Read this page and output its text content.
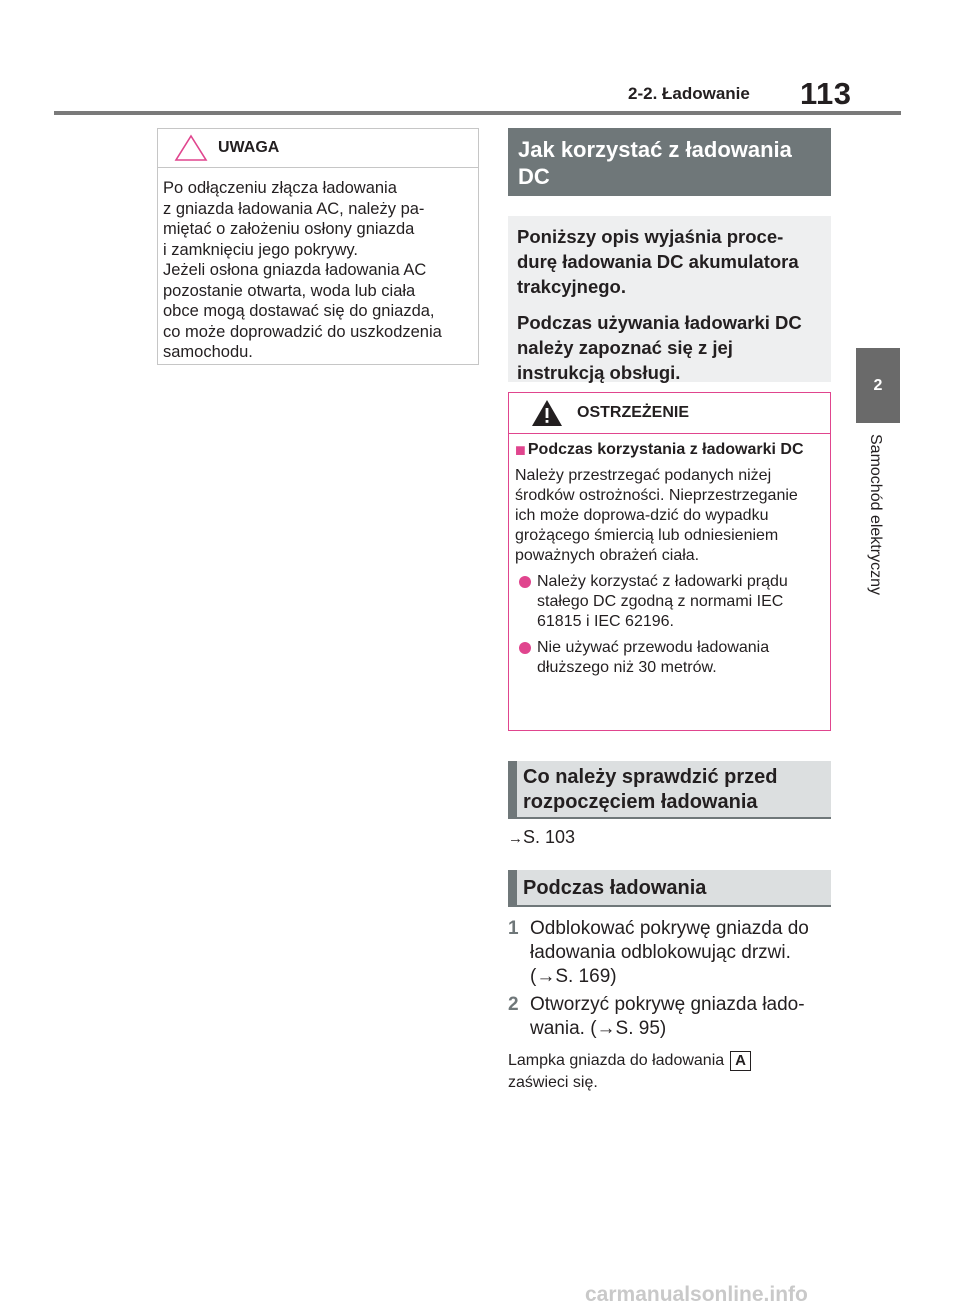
2-2. Ładowanie 113
2
Samochód elektryczny
UWAGA

Po odłączeniu złącza ładowania

z gniazda ładowania AC, należy pa-

miętać o założeniu osłony gniazda

i zamknięciu jego pokrywy.

Jeżeli osłona gniazda ładowania AC

pozostanie otwarta, woda lub ciała

obce mogą dostawać się do gniazda,

co może doprowadzić do uszkodzenia

samochodu.

Jak korzystać z ładowania
DC

Poniższy opis wyjaśnia proce-durę ładowania DC akumulatora trakcyjnego.

Podczas używania ładowarki DC należy zapoznać się z jej instrukcją obsługi.

OSTRZEŻENIE
■ Podczas korzystania z ładowarki DC
Należy przestrzegać podanych niżej środków ostrożności. Nieprzestrzeganie ich może doprowa-dzić do wypadku grożącego śmiercią lub odniesieniem poważnych obrażeń ciała.
Należy korzystać z ładowarki prądu stałego DC zgodną z normami IEC 61815 i IEC 62196.
Nie używać przewodu ładowania dłuższego niż 30 metrów.
Co należy sprawdzić przed rozpoczęciem ładowania
→S. 103
Podczas ładowania
1 Odblokować pokrywę gniazda do ładowania odblokowując drzwi. (→S. 169)
2 Otworzyć pokrywę gniazda łado-wania. (→S. 95)
Lampka gniazda do ładowania A
zaświeci się.
carmanualsonline.info
